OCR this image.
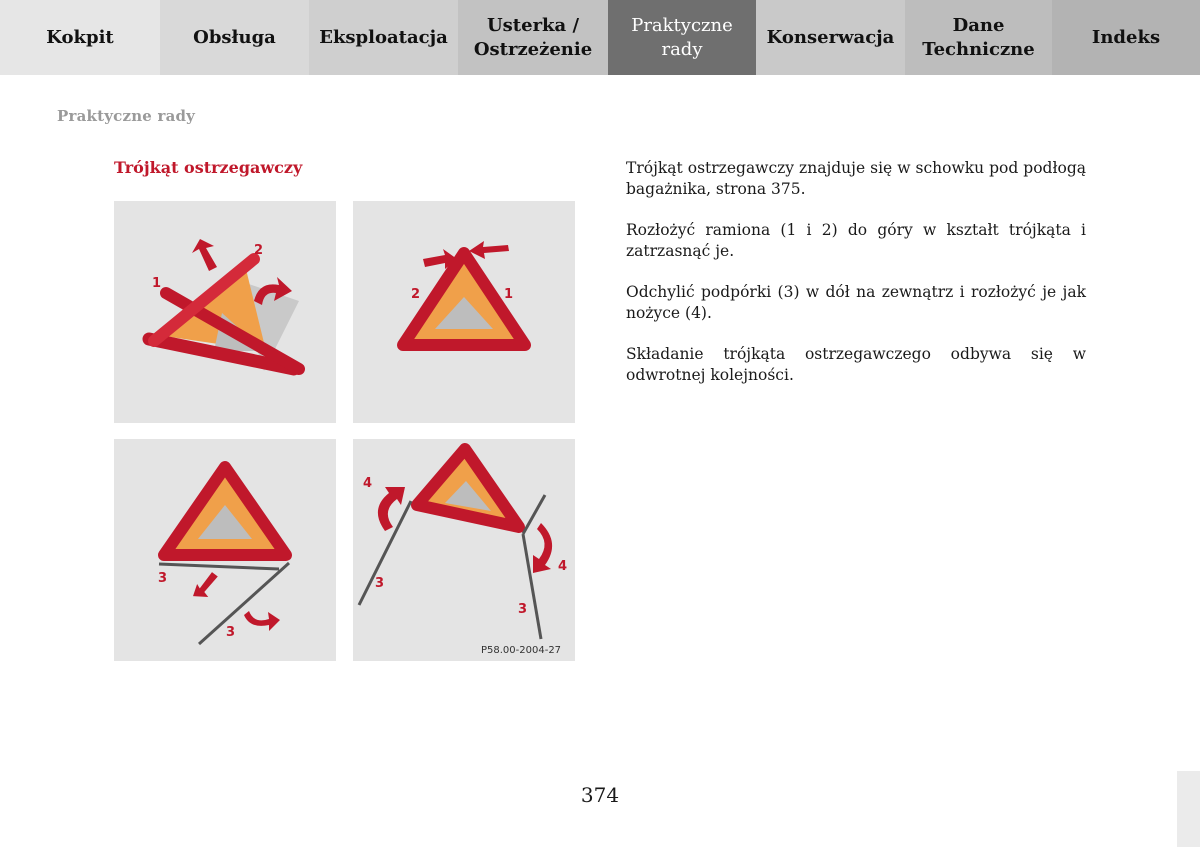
Kokpit	Obsługa Eksploatacja
Usterka /
Ostrzeżenie
Praktyczne
rady
Konserwacja
Dane
Techniczne
Indeks
Praktyczne rady
Trójkąt ostrzegawczy
1
2
2	1
3
3
4
4
3
3
P58.00-2004-27

Trójkąt ostrzegawczy znajduje się w schowku pod podłogą bagażnika, strona 375.

Rozłożyć ramiona (1 i 2) do góry w kształt trójkąta i zatrzasnąć je.

Odchylić podpórki (3) w dół na zewnątrz i rozłożyć je jak nożyce (4).

Składanie trójkąta ostrzegawczego odbywa się w odwrotnej kolejności.

374
